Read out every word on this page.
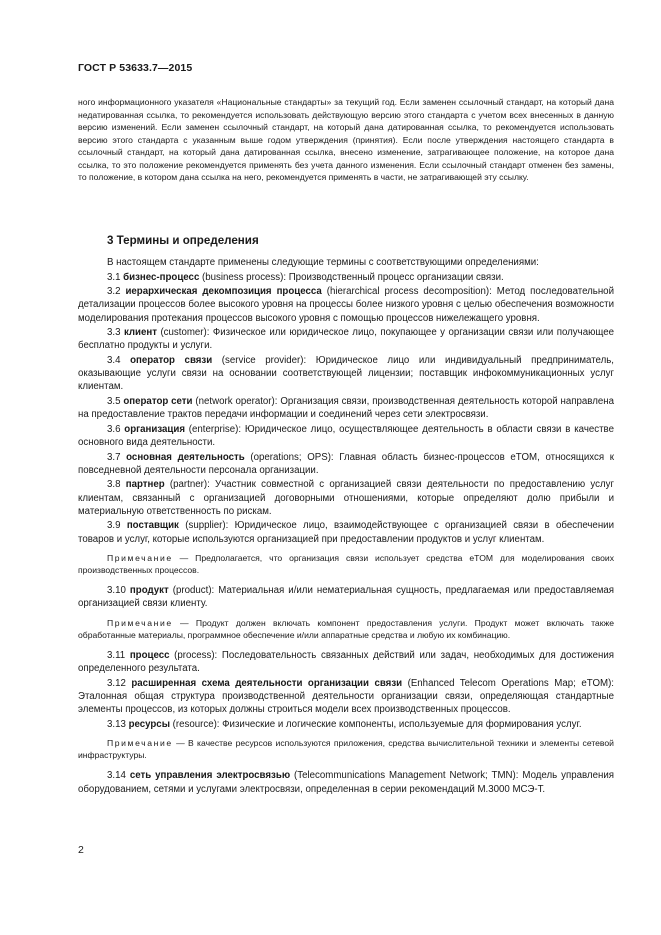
ГОСТ Р 53633.7—2015
ного информационного указателя «Национальные стандарты» за текущий год. Если заменен ссылочный стандарт, на который дана недатированная ссылка, то рекомендуется использовать действующую версию этого стандарта с учетом всех внесенных в данную версию изменений. Если заменен ссылочный стандарт, на который дана датированная ссылка, то рекомендуется использовать версию этого стандарта с указанным выше годом утверждения (принятия). Если после утверждения настоящего стандарта в ссылочный стандарт, на который дана датированная ссылка, внесено изменение, затрагивающее положение, на которое дана ссылка, то это положение рекомендуется применять без учета данного изменения. Если ссылочный стандарт отменен без замены, то положение, в котором дана ссылка на него, рекомендуется применять в части, не затрагивающей эту ссылку.
3 Термины и определения

В настоящем стандарте применены следующие термины с соответствующими определениями:

3.1 бизнес-процесс (business process): Производственный процесс организации связи.

3.2 иерархическая декомпозиция процесса (hierarchical process decomposition): Метод последовательной детализации процессов более высокого уровня на процессы более низкого уровня с целью обеспечения возможности моделирования протекания процессов высокого уровня с помощью процессов нижележащего уровня.

3.3 клиент (customer): Физическое или юридическое лицо, покупающее у организации связи или получающее бесплатно продукты и услуги.

3.4 оператор связи (service provider): Юридическое лицо или индивидуальный предприниматель, оказывающие услуги связи на основании соответствующей лицензии; поставщик инфокоммуникационных услуг клиентам.

3.5 оператор сети (network operator): Организация связи, производственная деятельность которой направлена на предоставление трактов передачи информации и соединений через сети электросвязи.

3.6 организация (enterprise): Юридическое лицо, осуществляющее деятельность в области связи в качестве основного вида деятельности.

3.7 основная деятельность (operations; OPS): Главная область бизнес-процессов eTOM, относящихся к повседневной деятельности персонала организации.

3.8 партнер (partner): Участник совместной с организацией связи деятельности по предоставлению услуг клиентам, связанный с организацией договорными отношениями, которые определяют долю прибыли и материальную ответственность по рискам.

3.9 поставщик (supplier): Юридическое лицо, взаимодействующее с организацией связи в обеспечении товаров и услуг, которые используются организацией при предоставлении продуктов и услуг клиентам.

Примечание — Предполагается, что организация связи использует средства eTOM для моделирования своих производственных процессов.

3.10 продукт (product): Материальная и/или нематериальная сущность, предлагаемая или предоставляемая организацией связи клиенту.

Примечание — Продукт должен включать компонент предоставления услуги. Продукт может включать также обработанные материалы, программное обеспечение и/или аппаратные средства и любую их комбинацию.

3.11 процесс (process): Последовательность связанных действий или задач, необходимых для достижения определенного результата.

3.12 расширенная схема деятельности организации связи (Enhanced Telecom Operations Map; eTOM): Эталонная общая структура производственной деятельности организации связи, определяющая стандартные элементы процессов, из которых должны строиться модели всех производственных процессов.

3.13 ресурсы (resource): Физические и логические компоненты, используемые для формирования услуг.

Примечание — В качестве ресурсов используются приложения, средства вычислительной техники и элементы сетевой инфраструктуры.

3.14 сеть управления электросвязью (Telecommunications Management Network; TMN): Модель управления оборудованием, сетями и услугами электросвязи, определенная в серии рекомендаций М.3000 МСЭ-Т.

2
